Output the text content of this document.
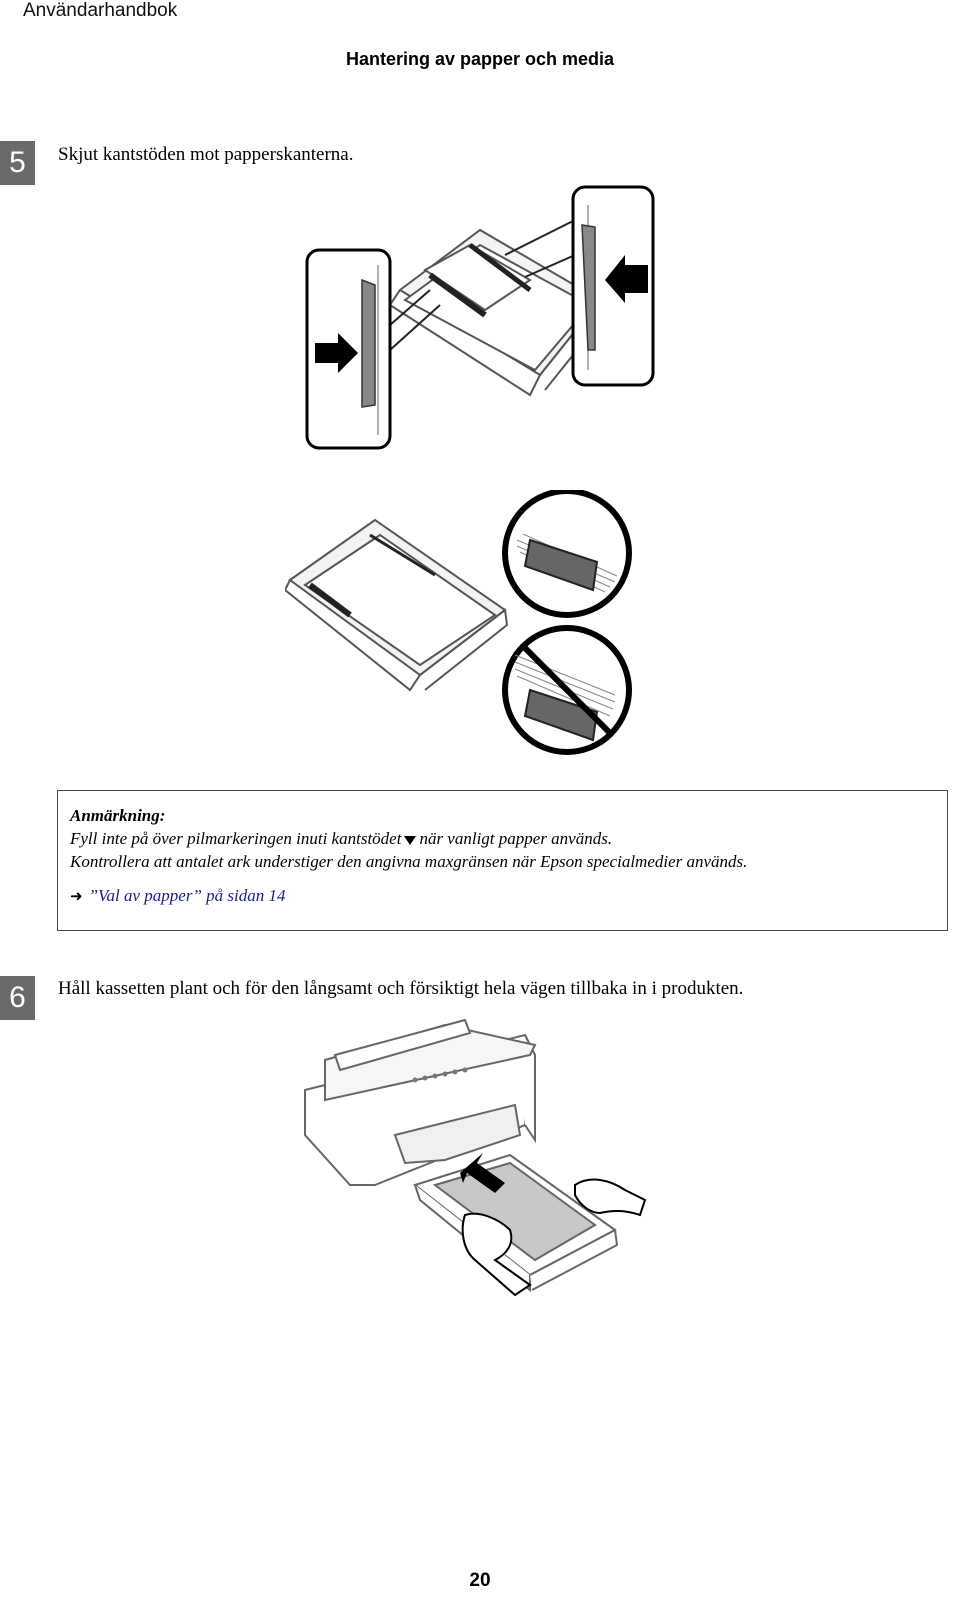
Användarhandbok
Hantering av papper och media
5	Skjut kantstöden mot papperskanterna.
Anmärkning:
Fyll inte på över pilmarkeringen inuti kantstödet när vanligt papper används.
Kontrollera att antalet ark understiger den angivna maxgränsen när Epson specialmedier används.
➜ ”Val av papper” på sidan 14
6	Håll kassetten plant och för den långsamt och försiktigt hela vägen tillbaka in i produkten.
20
